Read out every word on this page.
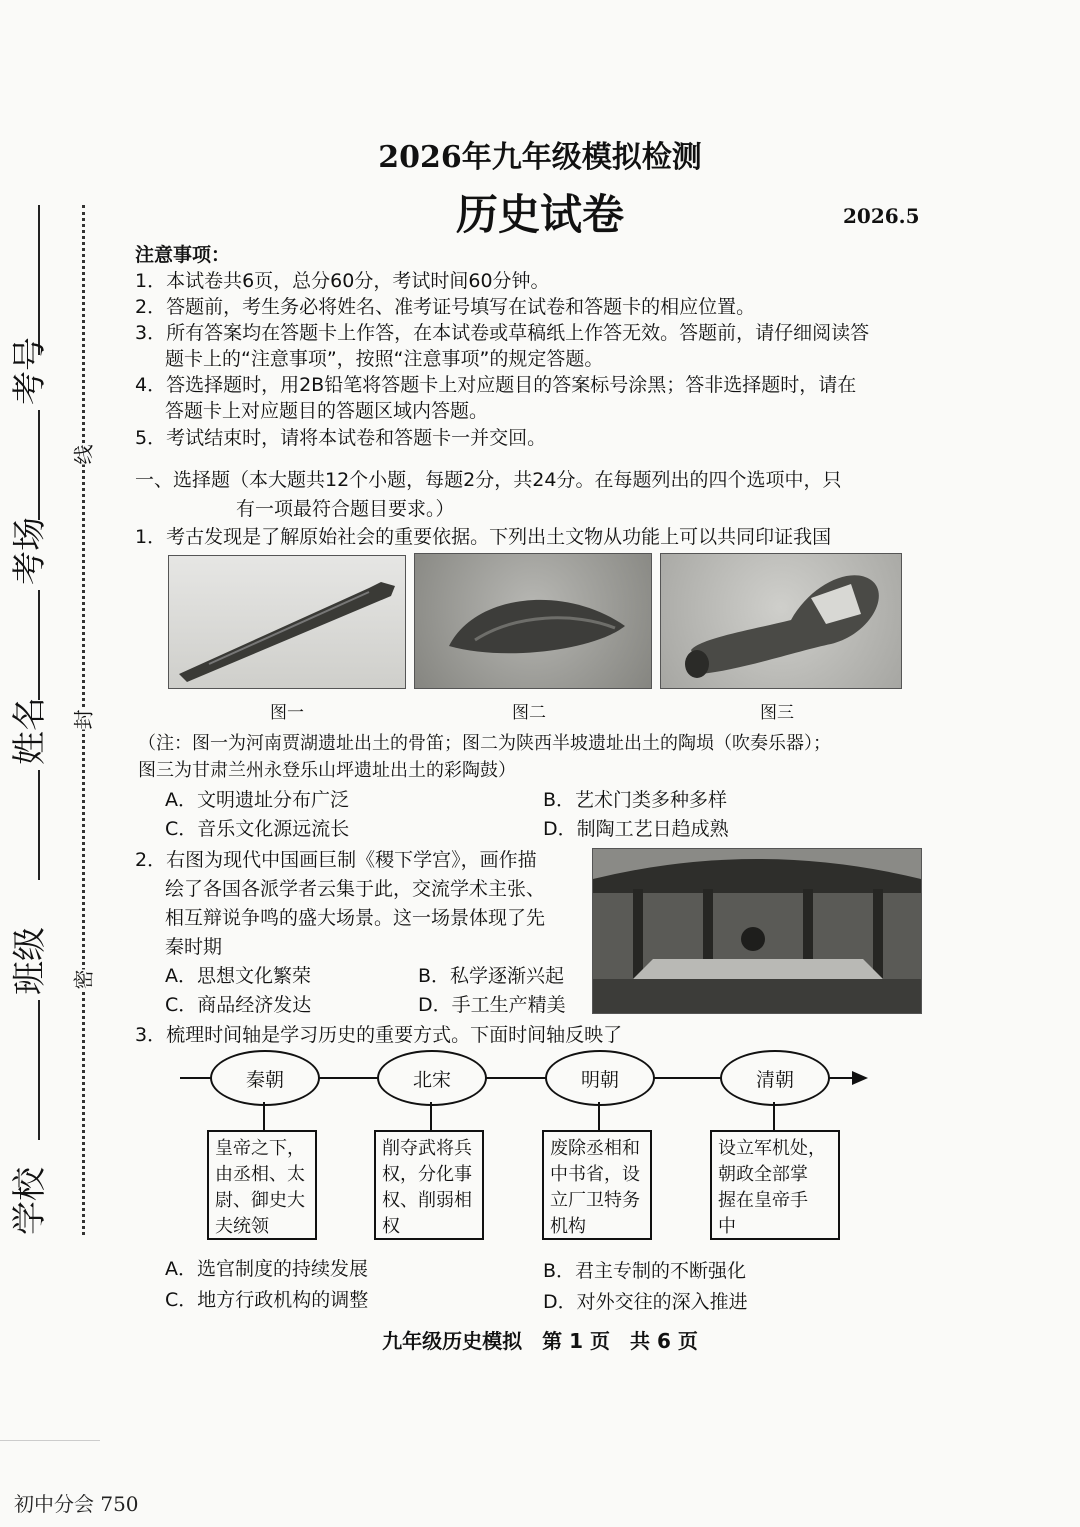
考号
考场
姓名
班级
学校
线
封
密
2026年九年级模拟检测
历史试卷	2026.5
注意事项：
1．本试卷共6页，总分60分，考试时间60分钟。
2．答题前，考生务必将姓名、准考证号填写在试卷和答题卡的相应位置。
3．所有答案均在答题卡上作答，在本试卷或草稿纸上作答无效。答题前，请仔细阅读答
题卡上的“注意事项”，按照“注意事项”的规定答题。
4．答选择题时，用2B铅笔将答题卡上对应题目的答案标号涂黑；答非选择题时，请在
答题卡上对应题目的答题区域内答题。
5．考试结束时，请将本试卷和答题卡一并交回。
一、选择题（本大题共12个小题，每题2分，共24分。在每题列出的四个选项中，只
有一项最符合题目要求。）
1．考古发现是了解原始社会的重要依据。下列出土文物从功能上可以共同印证我国
图一	图二	图三
（注：图一为河南贾湖遗址出土的骨笛；图二为陕西半坡遗址出土的陶埙（吹奏乐器）；
图三为甘肃兰州永登乐山坪遗址出土的彩陶鼓）
A．文明遗址分布广泛	B．艺术门类多种多样
C．音乐文化源远流长	D．制陶工艺日趋成熟
2．右图为现代中国画巨制《稷下学宫》，画作描
绘了各国各派学者云集于此，交流学术主张、
相互辩说争鸣的盛大场景。这一场景体现了先
秦时期
A．思想文化繁荣	B．私学逐渐兴起
C．商品经济发达	D．手工生产精美
3．梳理时间轴是学习历史的重要方式。下面时间轴反映了
秦朝	北宋	明朝	清朝
皇帝之下，
由丞相、太
尉、御史大
夫统领
削夺武将兵
权，分化事
权、削弱相
权
废除丞相和
中书省，设
立厂卫特务
机构
设立军机处，
朝政全部掌
握在皇帝手
中
A．选官制度的持续发展	B．君主专制的不断强化
C．地方行政机构的调整	D．对外交往的深入推进
九年级历史模拟　第 1 页　共 6 页
初中分会 750
